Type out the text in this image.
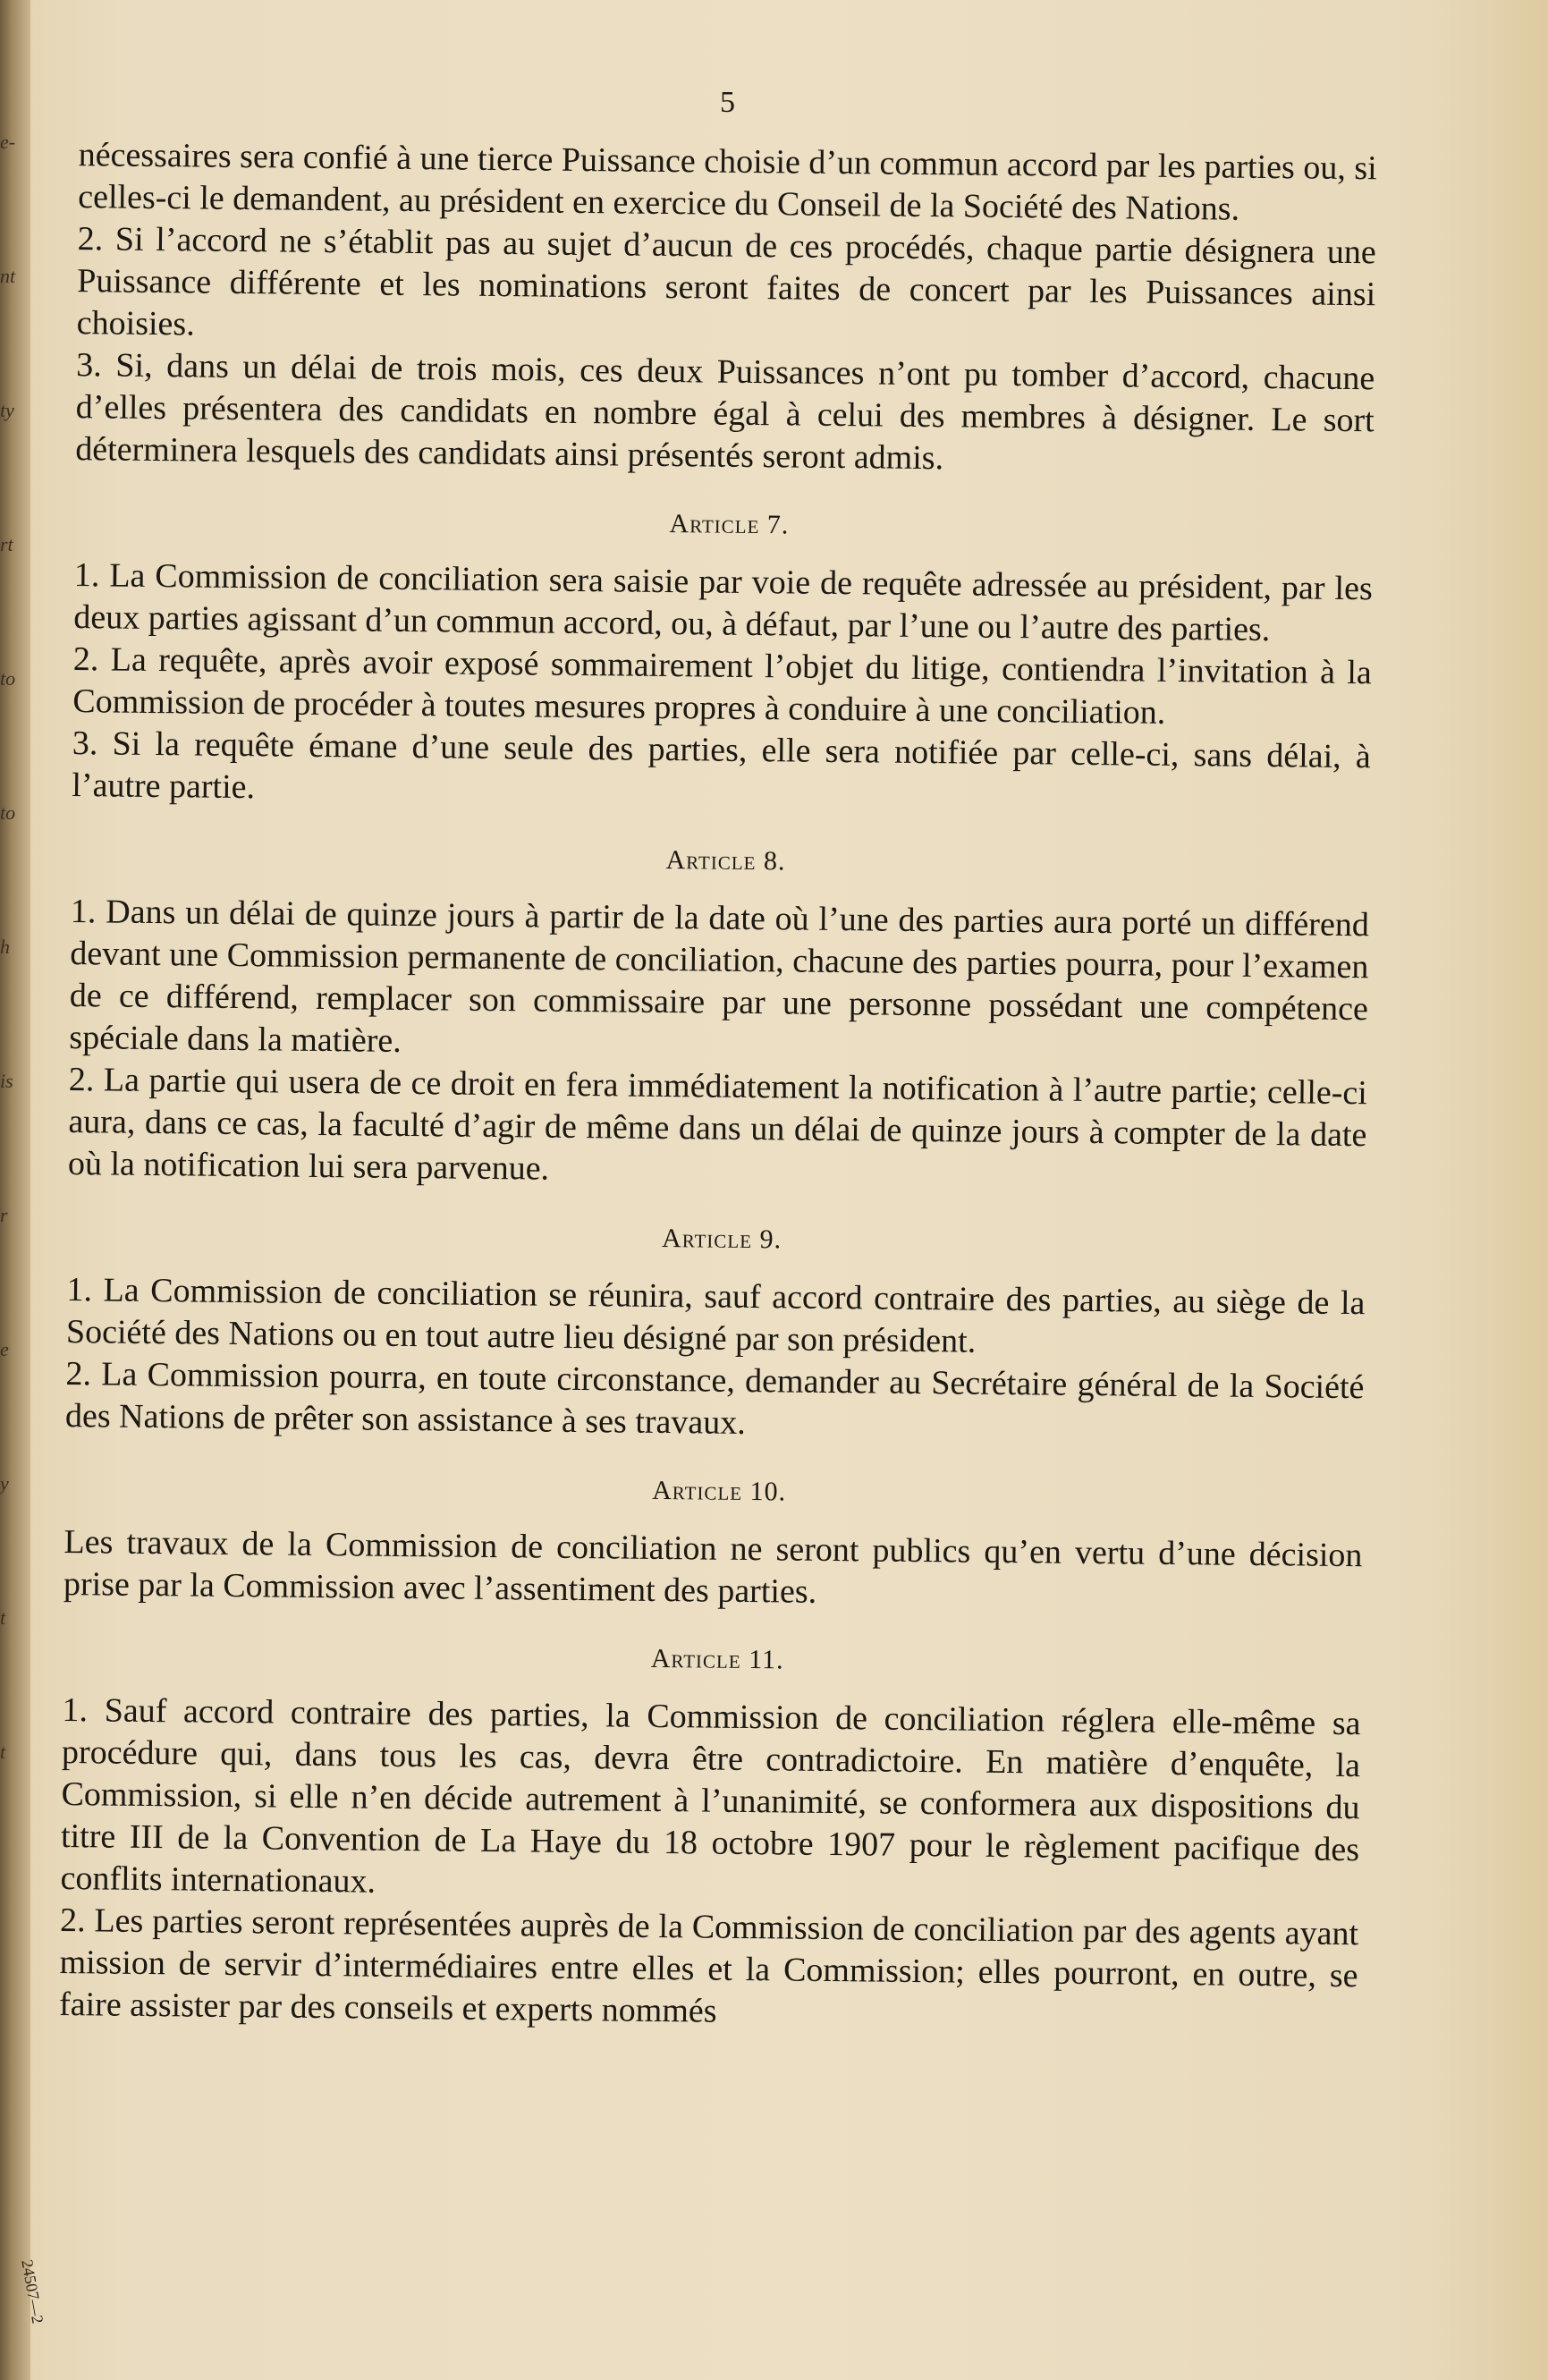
e-
nt
ty
rt
to
to
h
is
r
e
y
t
t
5

nécessaires sera confié à une tierce Puissance choisie d’un commun accord par les parties ou, si celles-ci le demandent, au président en exercice du Conseil de la Société des Nations.

2. Si l’accord ne s’établit pas au sujet d’aucun de ces procédés, chaque partie désignera une Puissance différente et les nominations seront faites de concert par les Puissances ainsi choisies.

3. Si, dans un délai de trois mois, ces deux Puissances n’ont pu tomber d’accord, chacune d’elles présentera des candidats en nombre égal à celui des membres à désigner. Le sort déterminera lesquels des candidats ainsi présentés seront admis.

Article 7.

1. La Commission de conciliation sera saisie par voie de requête adressée au président, par les deux parties agissant d’un commun accord, ou, à défaut, par l’une ou l’autre des parties.

2. La requête, après avoir exposé sommairement l’objet du litige, contiendra l’invitation à la Commission de procéder à toutes mesures propres à conduire à une conciliation.

3. Si la requête émane d’une seule des parties, elle sera notifiée par celle-ci, sans délai, à l’autre partie.

Article 8.

1. Dans un délai de quinze jours à partir de la date où l’une des parties aura porté un différend devant une Commission permanente de conciliation, chacune des parties pourra, pour l’examen de ce différend, remplacer son commissaire par une personne possédant une compétence spéciale dans la matière.

2. La partie qui usera de ce droit en fera immédiatement la notification à l’autre partie; celle-ci aura, dans ce cas, la faculté d’agir de même dans un délai de quinze jours à compter de la date où la notification lui sera parvenue.

Article 9.

1. La Commission de conciliation se réunira, sauf accord contraire des parties, au siège de la Société des Nations ou en tout autre lieu désigné par son président.

2. La Commission pourra, en toute circonstance, demander au Secrétaire général de la Société des Nations de prêter son assistance à ses travaux.

Article 10.

Les travaux de la Commission de conciliation ne seront publics qu’en vertu d’une décision prise par la Commission avec l’assentiment des parties.

Article 11.

1. Sauf accord contraire des parties, la Commission de conciliation réglera elle-même sa procédure qui, dans tous les cas, devra être contradictoire. En matière d’enquête, la Commission, si elle n’en décide autrement à l’unanimité, se conformera aux dispositions du titre III de la Convention de La Haye du 18 octobre 1907 pour le règlement pacifique des conflits internationaux.

2. Les parties seront représentées auprès de la Commission de conciliation par des agents ayant mission de servir d’intermédiaires entre elles et la Commission; elles pourront, en outre, se faire assister par des conseils et experts nommés

24507—2
